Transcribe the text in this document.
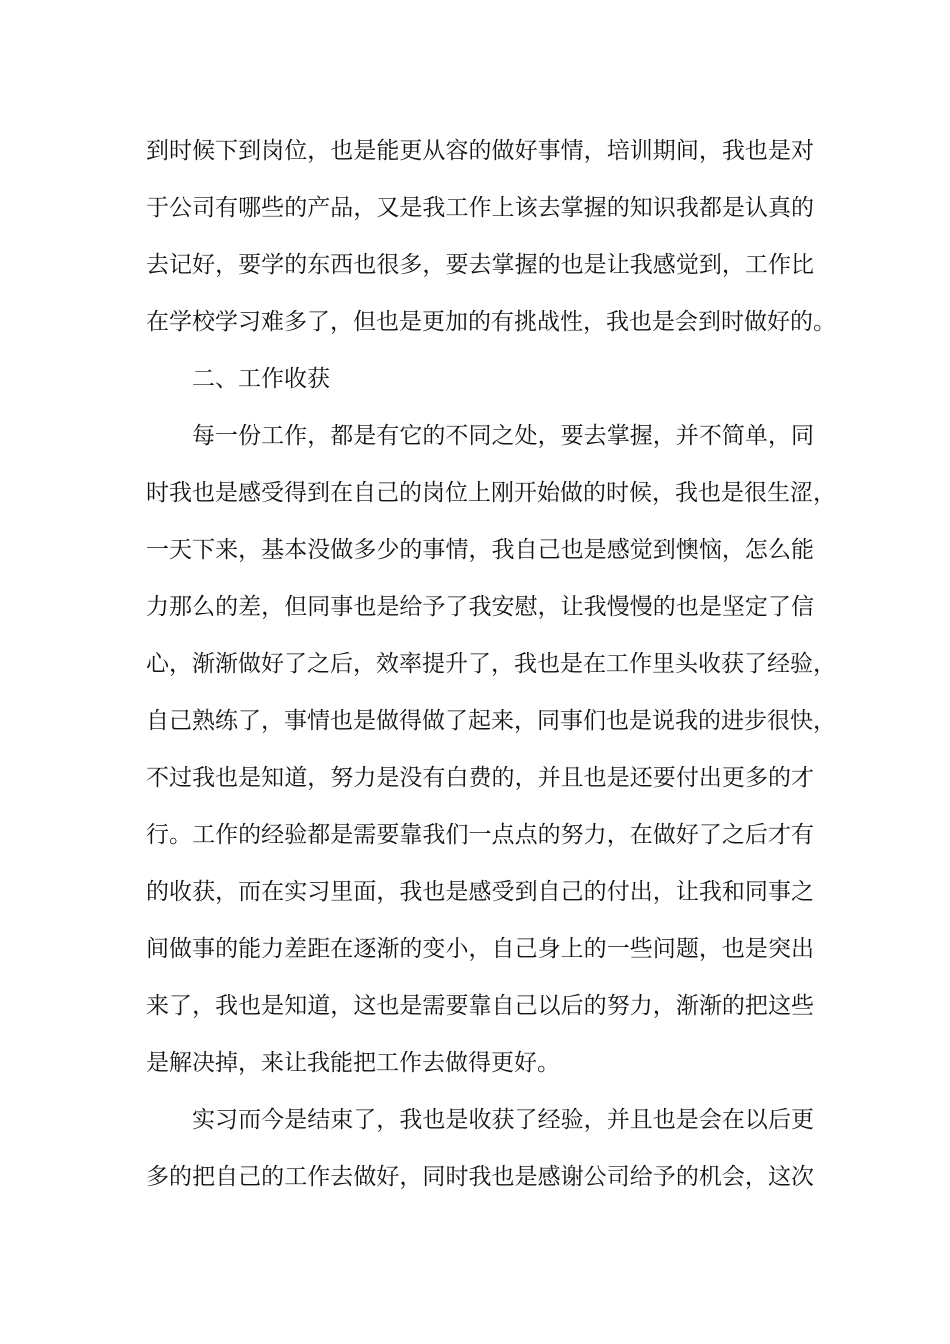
到时候下到岗位，也是能更从容的做好事情，培训期间，我也是对
于公司有哪些的产品，又是我工作上该去掌握的知识我都是认真的
去记好，要学的东西也很多，要去掌握的也是让我感觉到，工作比
在学校学习难多了，但也是更加的有挑战性，我也是会到时做好的。
二、工作收获
每一份工作，都是有它的不同之处，要去掌握，并不简单，同
时我也是感受得到在自己的岗位上刚开始做的时候，我也是很生涩，
一天下来，基本没做多少的事情，我自己也是感觉到懊恼，怎么能
力那么的差，但同事也是给予了我安慰，让我慢慢的也是坚定了信
心，渐渐做好了之后，效率提升了，我也是在工作里头收获了经验，
自己熟练了，事情也是做得做了起来，同事们也是说我的进步很快，
不过我也是知道，努力是没有白费的，并且也是还要付出更多的才
行。工作的经验都是需要靠我们一点点的努力，在做好了之后才有
的收获，而在实习里面，我也是感受到自己的付出，让我和同事之
间做事的能力差距在逐渐的变小，自己身上的一些问题，也是突出
来了，我也是知道，这也是需要靠自己以后的努力，渐渐的把这些
是解决掉，来让我能把工作去做得更好。
实习而今是结束了，我也是收获了经验，并且也是会在以后更
多的把自己的工作去做好，同时我也是感谢公司给予的机会，这次
